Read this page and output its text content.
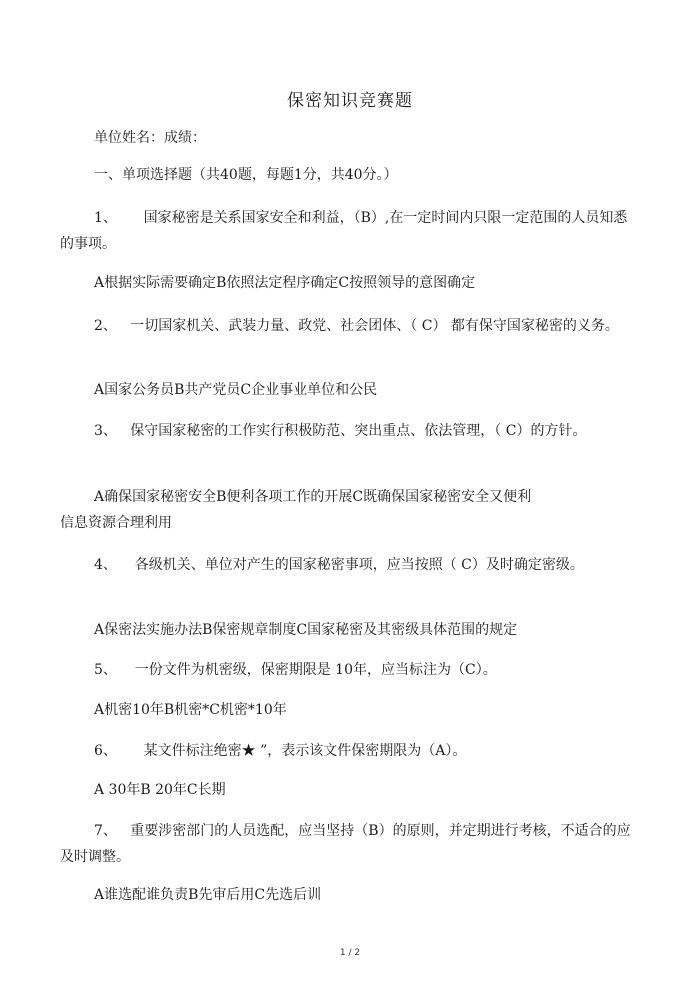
保密知识竞赛题
单位姓名：成绩：
一、单项选择题（共40题，每题1分，共40分。）
1、 国家秘密是关系国家安全和利益，（B）,在一定时间内只限一定范围的人员知悉的事项。
A根据实际需要确定B依照法定程序确定C按照领导的意图确定
2、 一切国家机关、武装力量、政党、社会团体、（ C） 都有保守国家秘密的义务。
A国家公务员B共产党员C企业事业单位和公民
3、 保守国家秘密的工作实行积极防范、突出重点、依法管理，（ C）的方针。
A确保国家秘密安全B便利各项工作的开展C既确保国家秘密安全又便利
信息资源合理利用
4、 各级机关、单位对产生的国家秘密事项，应当按照（ C）及时确定密级。
A保密法实施办法B保密规章制度C国家秘密及其密级具体范围的规定
5、 一份文件为机密级，保密期限是 10年，应当标注为（C）。
A机密10年B机密*C机密*10年
6、 某文件标注绝密★ ”，表示该文件保密期限为（A）。
A 30年B 20年C长期
7、 重要涉密部门的人员选配，应当坚持（B）的原则，并定期进行考核，不适合的应及时调整。
A谁选配谁负责B先审后用C先选后训
1 / 2
